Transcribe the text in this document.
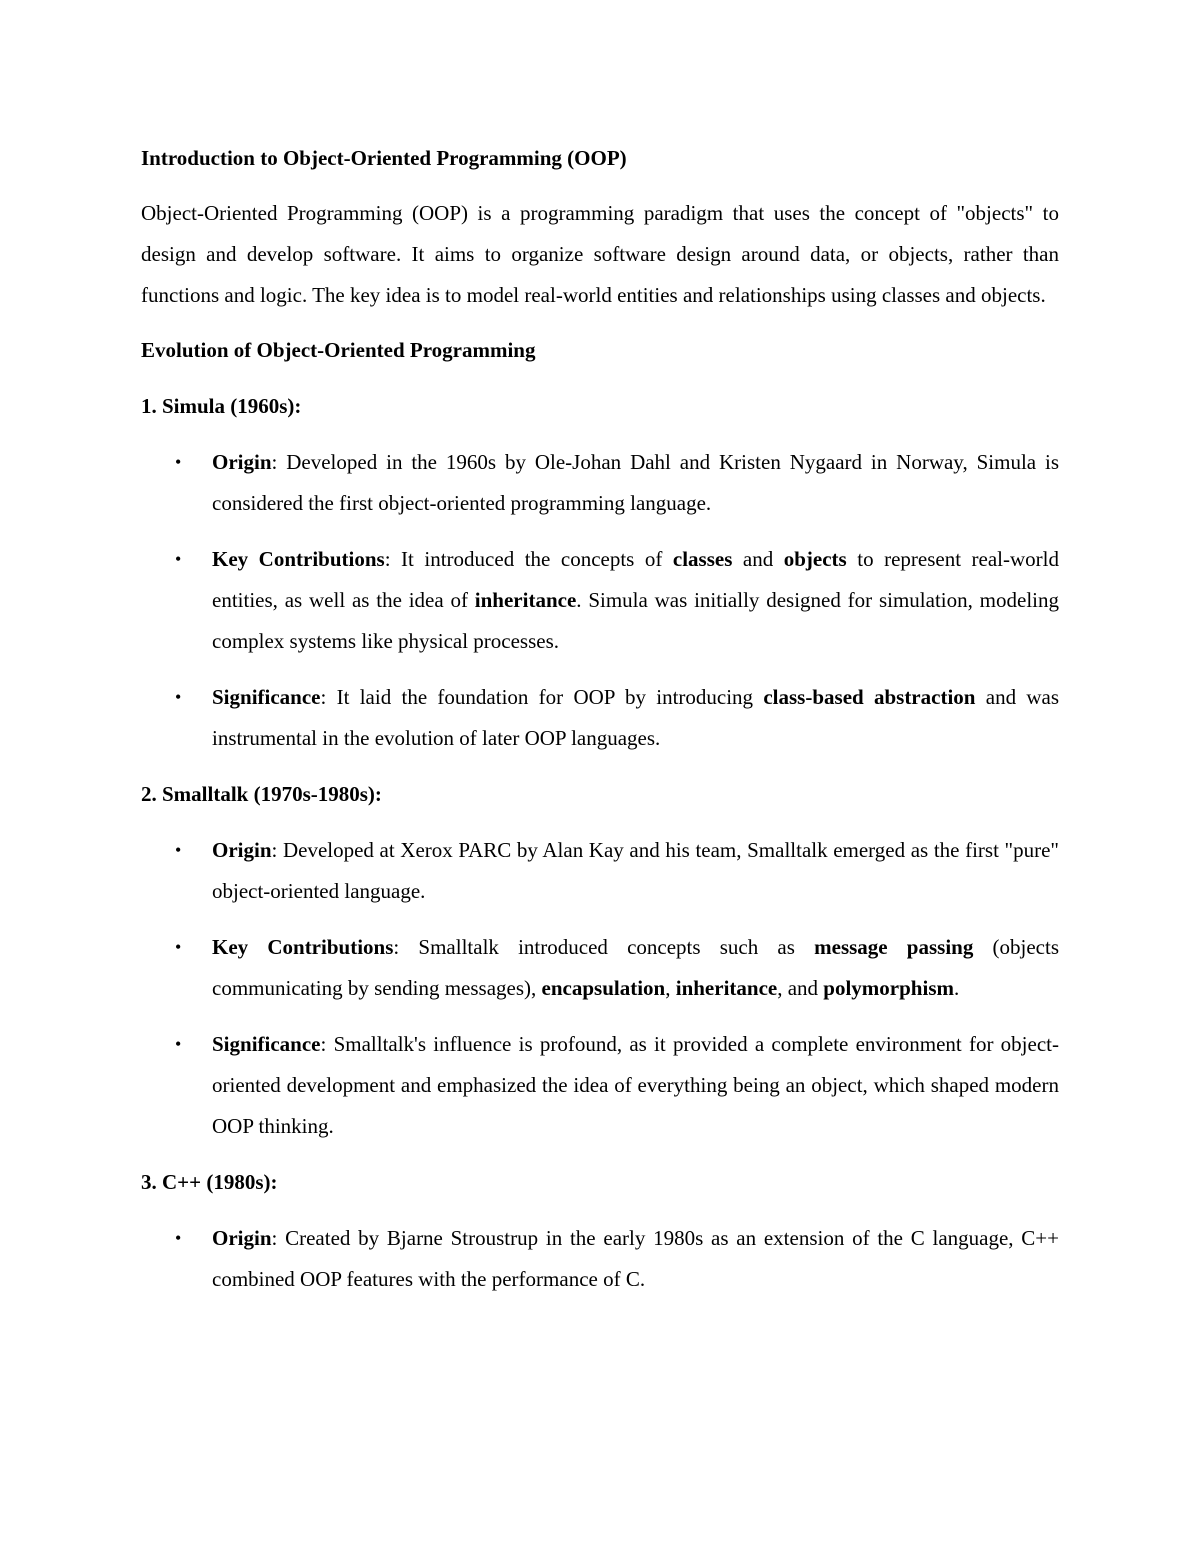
Introduction to Object-Oriented Programming (OOP)

Object-Oriented Programming (OOP) is a programming paradigm that uses the concept of "objects" to design and develop software. It aims to organize software design around data, or objects, rather than functions and logic. The key idea is to model real-world entities and relationships using classes and objects.

Evolution of Object-Oriented Programming

1. Simula (1960s):

• Origin: Developed in the 1960s by Ole-Johan Dahl and Kristen Nygaard in Norway, Simula is considered the first object-oriented programming language.
• Key Contributions: It introduced the concepts of classes and objects to represent real-world entities, as well as the idea of inheritance. Simula was initially designed for simulation, modeling complex systems like physical processes.
• Significance: It laid the foundation for OOP by introducing class-based abstraction and was instrumental in the evolution of later OOP languages.

2. Smalltalk (1970s-1980s):

• Origin: Developed at Xerox PARC by Alan Kay and his team, Smalltalk emerged as the first "pure" object-oriented language.
• Key Contributions: Smalltalk introduced concepts such as message passing (objects communicating by sending messages), encapsulation, inheritance, and polymorphism.
• Significance: Smalltalk's influence is profound, as it provided a complete environment for object-oriented development and emphasized the idea of everything being an object, which shaped modern OOP thinking.

3. C++ (1980s):

• Origin: Created by Bjarne Stroustrup in the early 1980s as an extension of the C language, C++ combined OOP features with the performance of C.
